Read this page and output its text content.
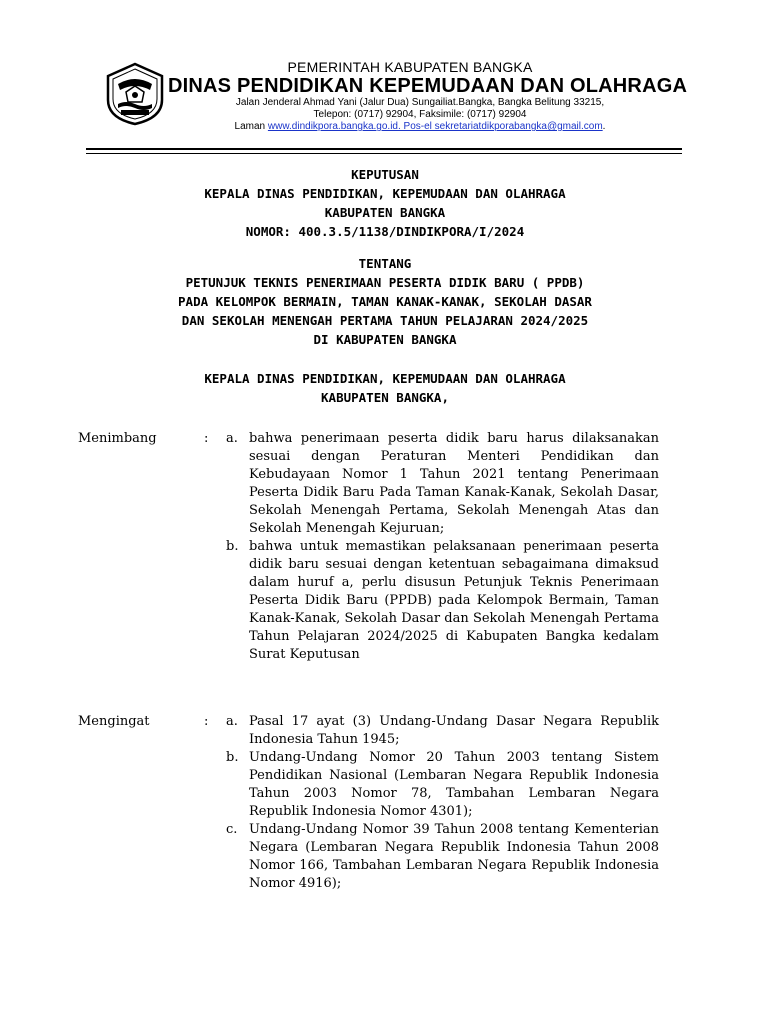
PEMERINTAH KABUPATEN BANGKA
DINAS PENDIDIKAN KEPEMUDAAN DAN OLAHRAGA
Jalan Jenderal Ahmad Yani (Jalur Dua) Sungailiat.Bangka, Bangka Belitung 33215,
Telepon: (0717) 92904, Faksimile: (0717) 92904
Laman www.dindikpora.bangka.go.id. Pos-el sekretariatdikporabangka@gmail.com.
KEPUTUSAN
KEPALA DINAS PENDIDIKAN, KEPEMUDAAN DAN OLAHRAGA
KABUPATEN BANGKA
NOMOR: 400.3.5/1138/DINDIKPORA/I/2024
TENTANG
PETUNJUK TEKNIS PENERIMAAN PESERTA DIDIK BARU ( PPDB)
PADA KELOMPOK BERMAIN, TAMAN KANAK-KANAK, SEKOLAH DASAR
DAN SEKOLAH MENENGAH PERTAMA TAHUN PELAJARAN 2024/2025
DI KABUPATEN BANGKA
KEPALA DINAS PENDIDIKAN, KEPEMUDAAN DAN OLAHRAGA
KABUPATEN BANGKA,
Menimbang	: a. bahwa penerimaan peserta didik baru harus dilaksanakan sesuai dengan Peraturan Menteri Pendidikan dan Kebudayaan Nomor 1 Tahun 2021 tentang Penerimaan Peserta Didik Baru Pada Taman Kanak-Kanak, Sekolah Dasar, Sekolah Menengah Pertama, Sekolah Menengah Atas dan Sekolah Menengah Kejuruan;
b. bahwa untuk memastikan pelaksanaan penerimaan peserta didik baru sesuai dengan ketentuan sebagaimana dimaksud dalam huruf a, perlu disusun Petunjuk Teknis Penerimaan Peserta Didik Baru (PPDB) pada Kelompok Bermain, Taman Kanak-Kanak, Sekolah Dasar dan Sekolah Menengah Pertama Tahun Pelajaran 2024/2025 di Kabupaten Bangka kedalam Surat Keputusan
Mengingat	: a. Pasal 17 ayat (3) Undang-Undang Dasar Negara Republik Indonesia Tahun 1945;
b. Undang-Undang Nomor 20 Tahun 2003 tentang Sistem Pendidikan Nasional (Lembaran Negara Republik Indonesia Tahun 2003 Nomor 78, Tambahan Lembaran Negara Republik Indonesia Nomor 4301);
c. Undang-Undang Nomor 39 Tahun 2008 tentang Kementerian Negara (Lembaran Negara Republik Indonesia Tahun 2008 Nomor 166, Tambahan Lembaran Negara Republik Indonesia Nomor 4916);
